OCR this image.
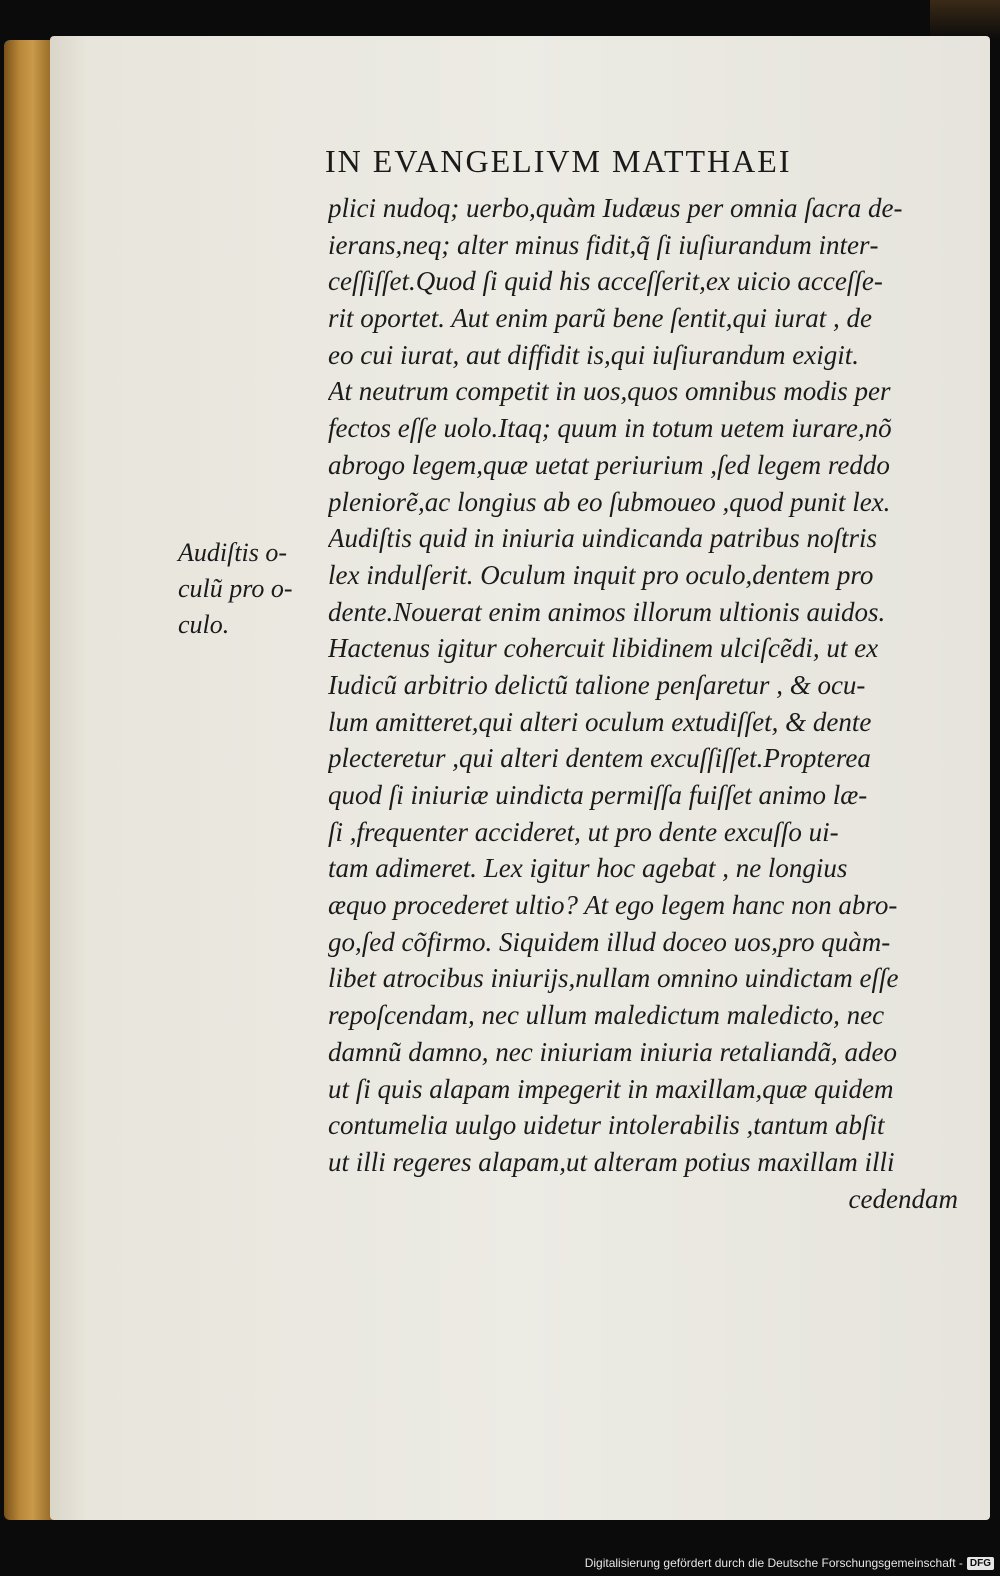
IN EVANGELIVM MATTHAEI
Audiſtis o‑
culũ pro o‑
culo.
plici nudoq; uerbo,quàm Iudæus per omnia ſacra de‑
ierans,neq; alter minus fidit,q̃ ſi iuſiurandum inter‑
ceſſiſſet.Quod ſi quid his acceſſerit,ex uicio acceſſe‑
rit oportet. Aut enim parũ bene ſentit,qui iurat , de
eo cui iurat, aut diffidit is,qui iuſiurandum exigit.
At neutrum competit in uos,quos omnibus modis per
fectos eſſe uolo.Itaq; quum in totum uetem iurare,nõ
abrogo legem,quæ uetat periurium ,ſed legem reddo
pleniorẽ,ac longius ab eo ſubmoueo ,quod punit lex.
Audiſtis quid in iniuria uindicanda patribus noſtris
lex indulſerit. Oculum inquit pro oculo,dentem pro
dente.Nouerat enim animos illorum ultionis auidos.
Hactenus igitur cohercuit libidinem ulciſcẽdi, ut ex
Iudicũ arbitrio delictũ talione penſaretur , & ocu‑
lum amitteret,qui alteri oculum extudiſſet, & dente
plecteretur ,qui alteri dentem excuſſiſſet.Propterea
quod ſi iniuriæ uindicta permiſſa fuiſſet animo læ‑
ſi ,frequenter accideret, ut pro dente excuſſo ui‑
tam adimeret. Lex igitur hoc agebat , ne longius
æquo procederet ultio? At ego legem hanc non abro‑
go,ſed cõfirmo. Siquidem illud doceo uos,pro quàm‑
libet atrocibus iniurijs,nullam omnino uindictam eſſe
repoſcendam, nec ullum maledictum maledicto, nec
damnũ damno, nec iniuriam iniuria retaliandã, adeo
ut ſi quis alapam impegerit in maxillam,quæ quidem
contumelia uulgo uidetur intolerabilis ,tantum abſit
ut illi regeres alapam,ut alteram potius maxillam illi
cedendam
Digitalisierung gefördert durch die Deutsche Forschungsgemeinschaft - DFG
